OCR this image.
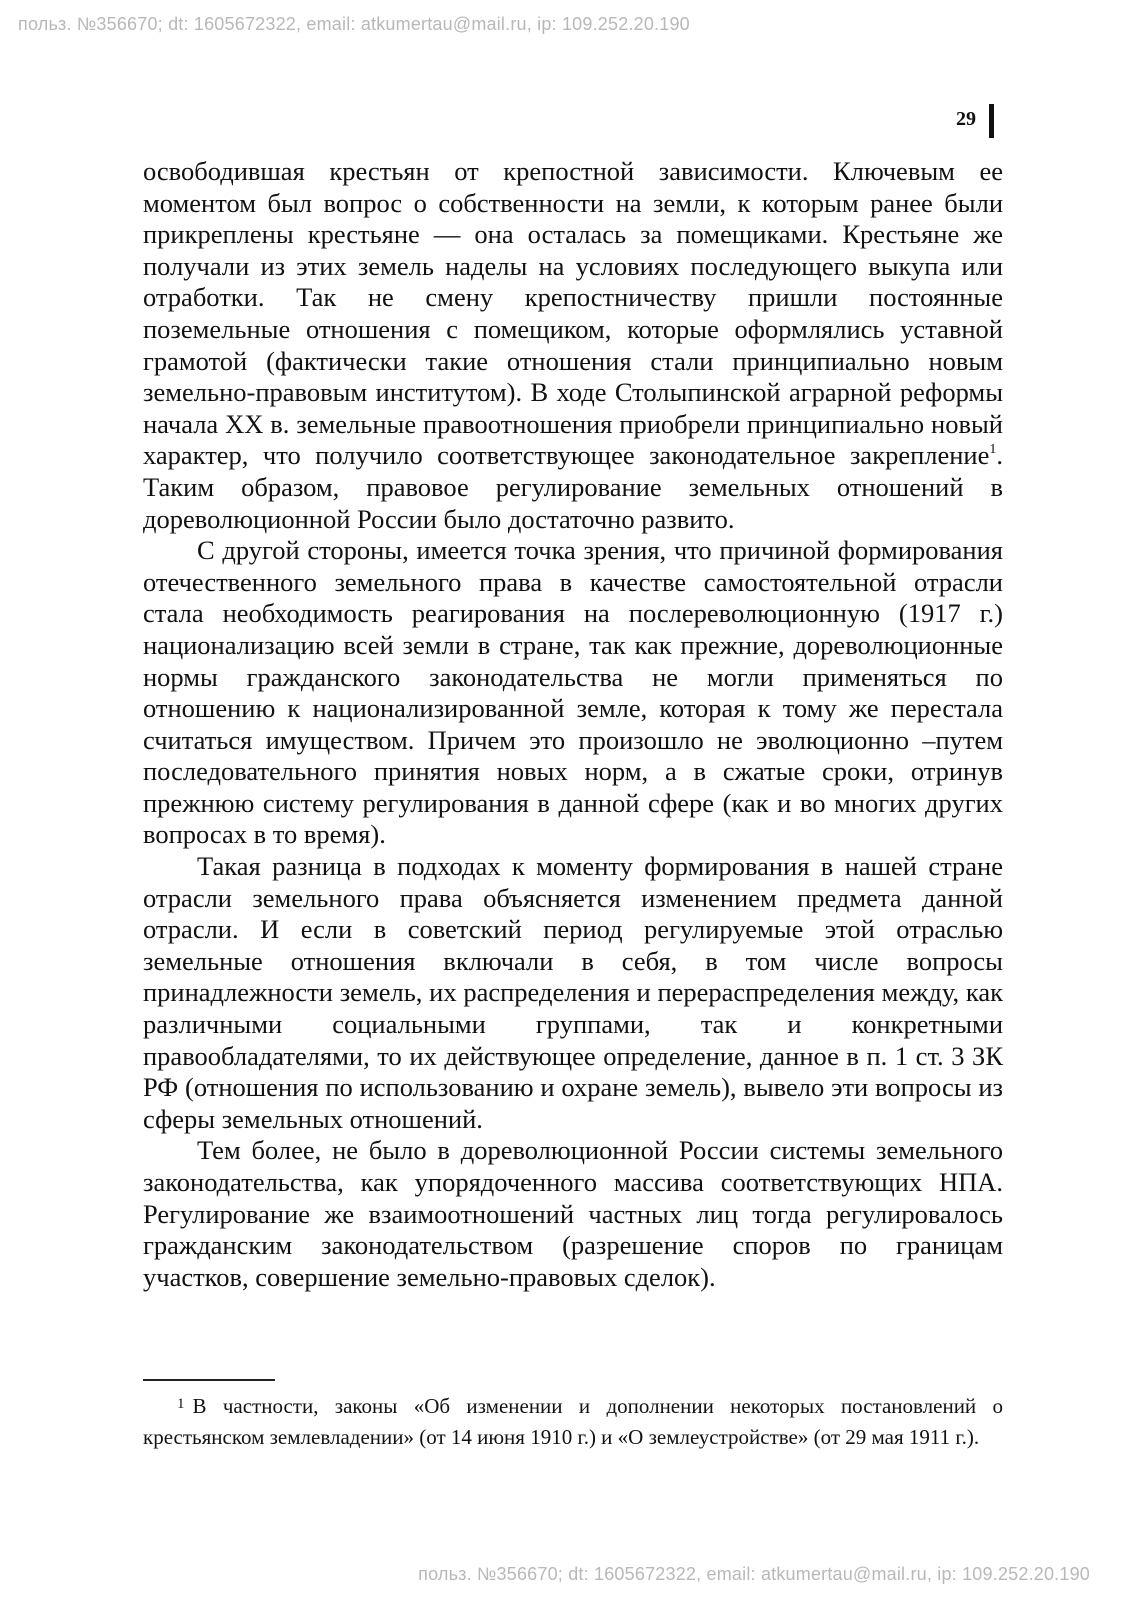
польз. №356670; dt: 1605672322, email: atkumertau@mail.ru, ip: 109.252.20.190
29

освободившая крестьян от крепостной зависимости. Ключевым ее моментом был вопрос о собственности на земли, к которым ранее были прикреплены крестьяне — она осталась за помещиками. Крестьяне же получали из этих земель наделы на условиях последующего выкупа или отработки. Так не смену крепостничеству пришли постоянные поземельные отношения с помещиком, которые оформлялись уставной грамотой (фактически такие отношения стали принципиально новым земельно-правовым институтом). В ходе Столыпинской аграрной реформы начала XX в. земельные правоотношения приобрели принципиально новый характер, что получило соответствующее законодательное закрепление$^1$. Таким образом, правовое регулирование земельных отношений в дореволюционной России было достаточно развито.

С другой стороны, имеется точка зрения, что причиной формирования отечественного земельного права в качестве самостоятельной отрасли стала необходимость реагирования на послереволюционную (1917 г.) национализацию всей земли в стране, так как прежние, дореволюционные нормы гражданского законодательства не могли применяться по отношению к национализированной земле, которая к тому же перестала считаться имуществом. Причем это произошло не эволюционно –путем последовательного принятия новых норм, а в сжатые сроки, отринув прежнюю систему регулирования в данной сфере (как и во многих других вопросах в то время).

Такая разница в подходах к моменту формирования в нашей стране отрасли земельного права объясняется изменением предмета данной отрасли. И если в советский период регулируемые этой отраслью земельные отношения включали в себя, в том числе вопросы принадлежности земель, их распределения и перераспределения между, как различными социальными группами, так и конкретными правообладателями, то их действующее определение, данное в п. 1 ст. 3 ЗК РФ (отношения по использованию и охране земель), вывело эти вопросы из сферы земельных отношений.

Тем более, не было в дореволюционной России системы земельного законодательства, как упорядоченного массива соответствующих НПА. Регулирование же взаимоотношений частных лиц тогда регулировалось гражданским законодательством (разрешение споров по границам участков, совершение земельно-правовых сделок).

$^1$ В частности, законы «Об изменении и дополнении некоторых постановлений о крестьянском землевладении» (от 14 июня 1910 г.) и «О землеустройстве» (от 29 мая 1911 г.).

польз. №356670; dt: 1605672322, email: atkumertau@mail.ru, ip: 109.252.20.190
